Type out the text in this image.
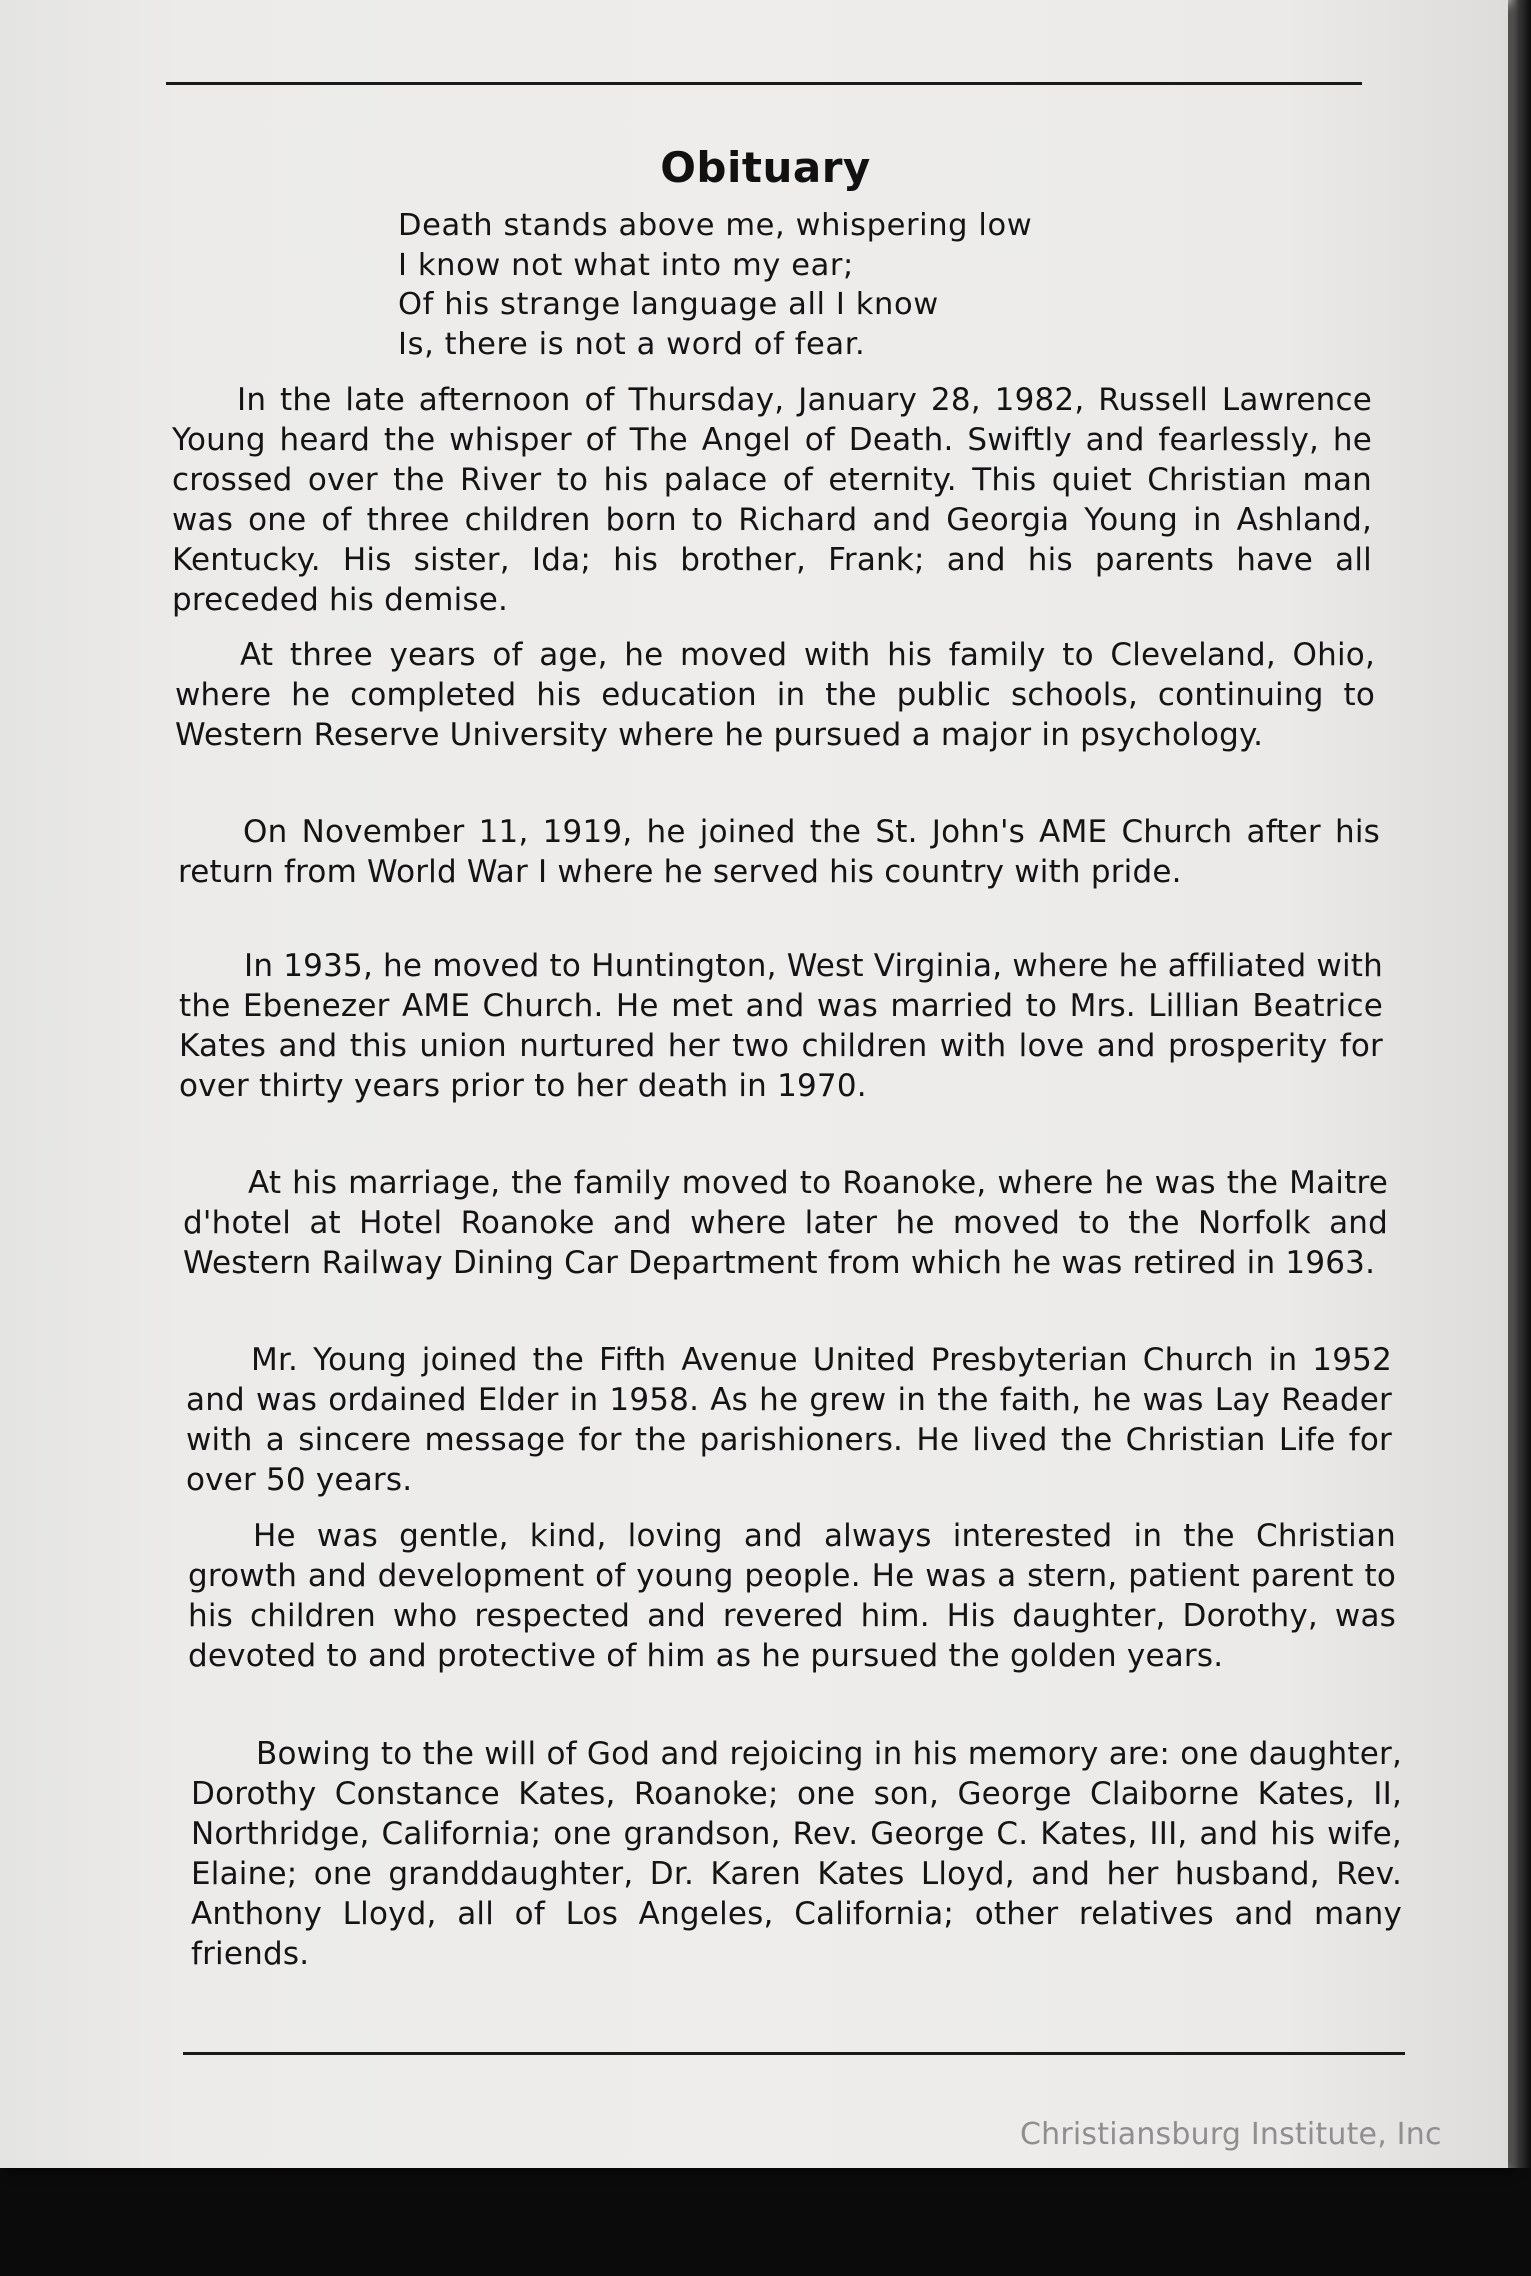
Obituary
Death stands above me, whispering low
I know not what into my ear;
Of his strange language all I know
Is, there is not a word of fear.

In the late afternoon of Thursday, January 28, 1982, Russell Lawrence Young heard the whisper of The Angel of Death. Swiftly and fearlessly, he crossed over the River to his palace of eternity. This quiet Christian man was one of three children born to Richard and Georgia Young in Ashland, Kentucky. His sister, Ida; his brother, Frank; and his parents have all preceded his demise.

At three years of age, he moved with his family to Cleveland, Ohio, where he completed his education in the public schools, continuing to Western Reserve University where he pursued a major in psychology.

On November 11, 1919, he joined the St. John's AME Church after his return from World War I where he served his country with pride.

In 1935, he moved to Huntington, West Virginia, where he affiliated with the Ebenezer AME Church. He met and was married to Mrs. Lillian Beatrice Kates and this union nurtured her two children with love and prosperity for over thirty years prior to her death in 1970.

At his marriage, the family moved to Roanoke, where he was the Maitre d'hotel at Hotel Roanoke and where later he moved to the Norfolk and Western Railway Dining Car Department from which he was retired in 1963.

Mr. Young joined the Fifth Avenue United Presbyterian Church in 1952 and was ordained Elder in 1958. As he grew in the faith, he was Lay Reader with a sincere message for the parishioners. He lived the Christian Life for over 50 years.

He was gentle, kind, loving and always interested in the Christian growth and development of young people. He was a stern, patient parent to his children who respected and revered him. His daughter, Dorothy, was devoted to and protective of him as he pursued the golden years.

Bowing to the will of God and rejoicing in his memory are: one daughter, Dorothy Constance Kates, Roanoke; one son, George Claiborne Kates, II, Northridge, California; one grandson, Rev. George C. Kates, III, and his wife, Elaine; one granddaughter, Dr. Karen Kates Lloyd, and her husband, Rev. Anthony Lloyd, all of Los Angeles, California; other relatives and many friends.

Christiansburg Institute, Inc
